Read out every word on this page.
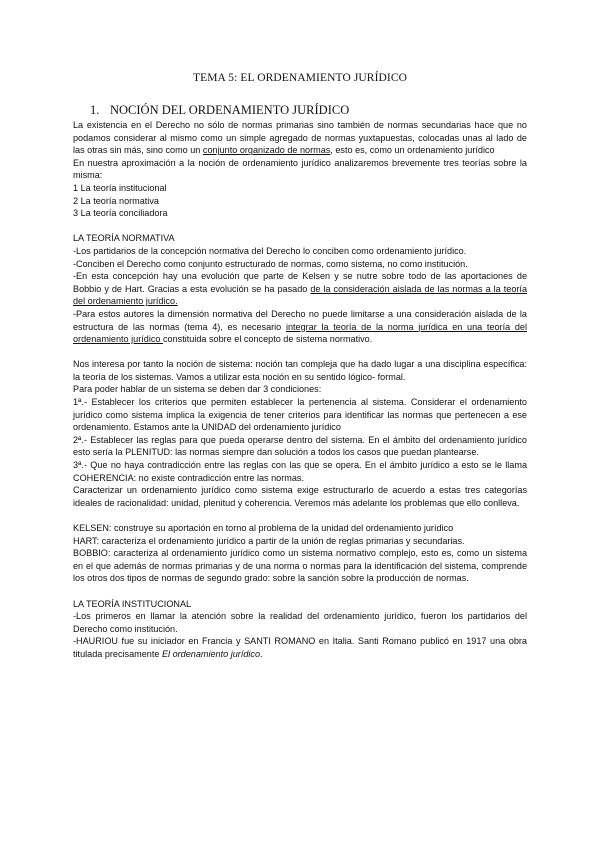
TEMA 5: EL ORDENAMIENTO JURÍDICO
1. NOCIÓN DEL ORDENAMIENTO JURÍDICO

La existencia en el Derecho no sólo de normas primarias sino también de normas secundarias hace que no podamos considerar al mismo como un simple agregado de normas yuxtapuestas, colocadas unas al lado de las otras sin más, sino como un conjunto organizado de normas, esto es, como un ordenamiento jurídico

En nuestra aproximación a la noción de ordenamiento jurídico analizaremos brevemente tres teorías sobre la misma:

1 La teoría institucional

2 La teoría normativa

3 La teoría conciliadora

LA TEORÍA NORMATIVA

-Los partidarios de la concepción normativa del Derecho lo conciben como ordenamiento jurídico.

-Conciben el Derecho como conjunto estructurado de normas, como sistema, no como institución.

-En esta concepción hay una evolución que parte de Kelsen y se nutre sobre todo de las aportaciones de Bobbio y de Hart. Gracias a esta evolución se ha pasado de la consideración aislada de las normas a la teoría del ordenamiento jurídico.

-Para estos autores la dimensión normativa del Derecho no puede limitarse a una consideración aislada de la estructura de las normas (tema 4), es necesario integrar la teoría de la norma jurídica en una teoría del ordenamiento jurídico constituida sobre el concepto de sistema normativo.

Nos interesa por tanto la noción de sistema: noción tan compleja que ha dado lugar a una disciplina específica: la teoría de los sistemas. Vamos a utilizar esta noción en su sentido lógico- formal.

Para poder hablar de un sistema se deben dar 3 condiciones:

1ª.- Establecer los criterios que permiten establecer la pertenencia al sistema. Considerar el ordenamiento jurídico como sistema implica la exigencia de tener criterios para identificar las normas que pertenecen a ese ordenamiento. Estamos ante la UNIDAD del ordenamiento jurídico

2ª.- Establecer las reglas para que pueda operarse dentro del sistema. En el ámbito del ordenamiento jurídico esto sería la PLENITUD: las normas siempre dan solución a todos los casos que puedan plantearse.

3ª.- Que no haya contradicción entre las reglas con las que se opera. En el ámbito jurídico a esto se le llama COHERENCIA: no existe contradicción entre las normas.

Caracterizar un ordenamiento jurídico como sistema exige estructurarlo de acuerdo a estas tres categorías ideales de racionalidad: unidad, plenitud y coherencia. Veremos más adelante los problemas que ello conlleva.

KELSEN: construye su aportación en torno al problema de la unidad del ordenamiento jurídico

HART: caracteriza el ordenamiento jurídico a partir de la unión de reglas primarias y secundarias.

BOBBIO: caracteriza al ordenamiento jurídico como un sistema normativo complejo, esto es, como un sistema en el que además de normas primarias y de una norma o normas para la identificación del sistema, comprende los otros dos tipos de normas de segundo grado: sobre la sanción sobre la producción de normas.

LA TEORÍA INSTITUCIONAL

-Los primeros en llamar la atención sobre la realidad del ordenamiento jurídico, fueron los partidarios del Derecho como institución.

-HAURIOU fue su iniciador en Francia y SANTI ROMANO en Italia. Santi Romano publicó en 1917 una obra titulada precisamente El ordenamiento jurídico.
